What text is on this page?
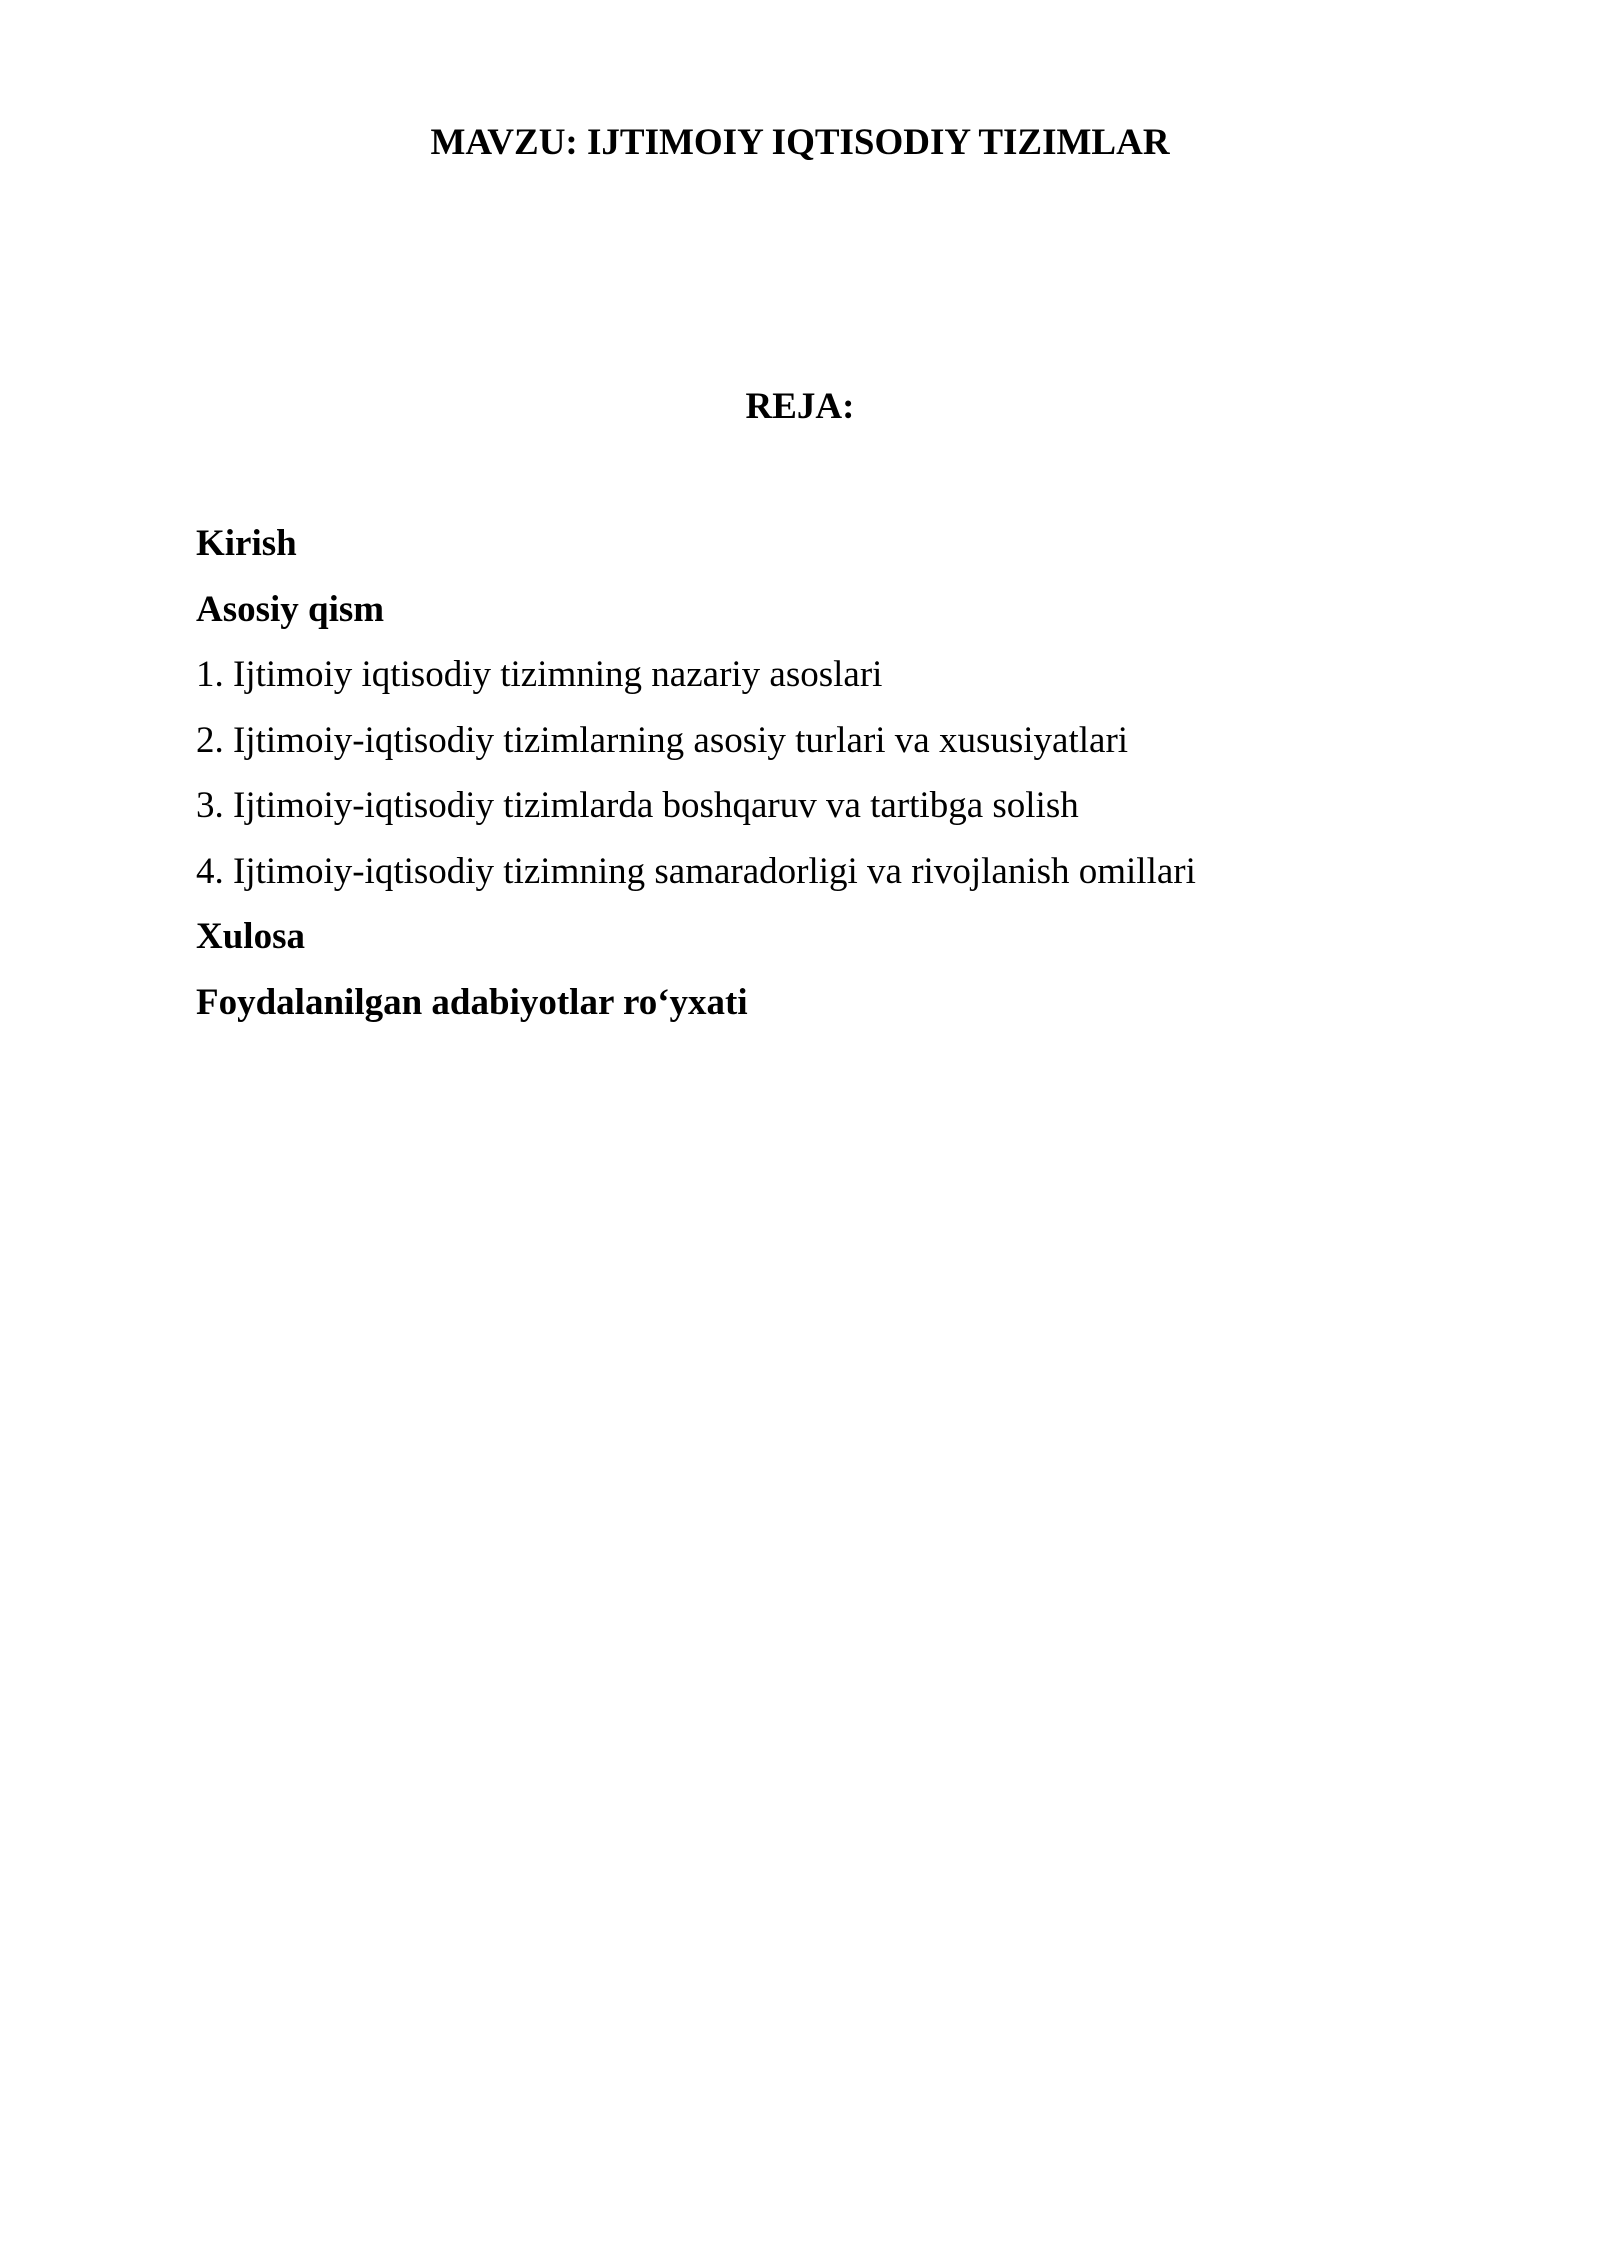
MAVZU: IJTIMOIY IQTISODIY TIZIMLAR
REJA:
Kirish
Asosiy qism
1. Ijtimoiy iqtisodiy tizimning nazariy asoslari
2. Ijtimoiy-iqtisodiy tizimlarning asosiy turlari va xususiyatlari
3. Ijtimoiy-iqtisodiy tizimlarda boshqaruv va tartibga solish
4. Ijtimoiy-iqtisodiy tizimning samaradorligi va rivojlanish omillari
Xulosa
Foydalanilgan adabiyotlar ro‘yxati
